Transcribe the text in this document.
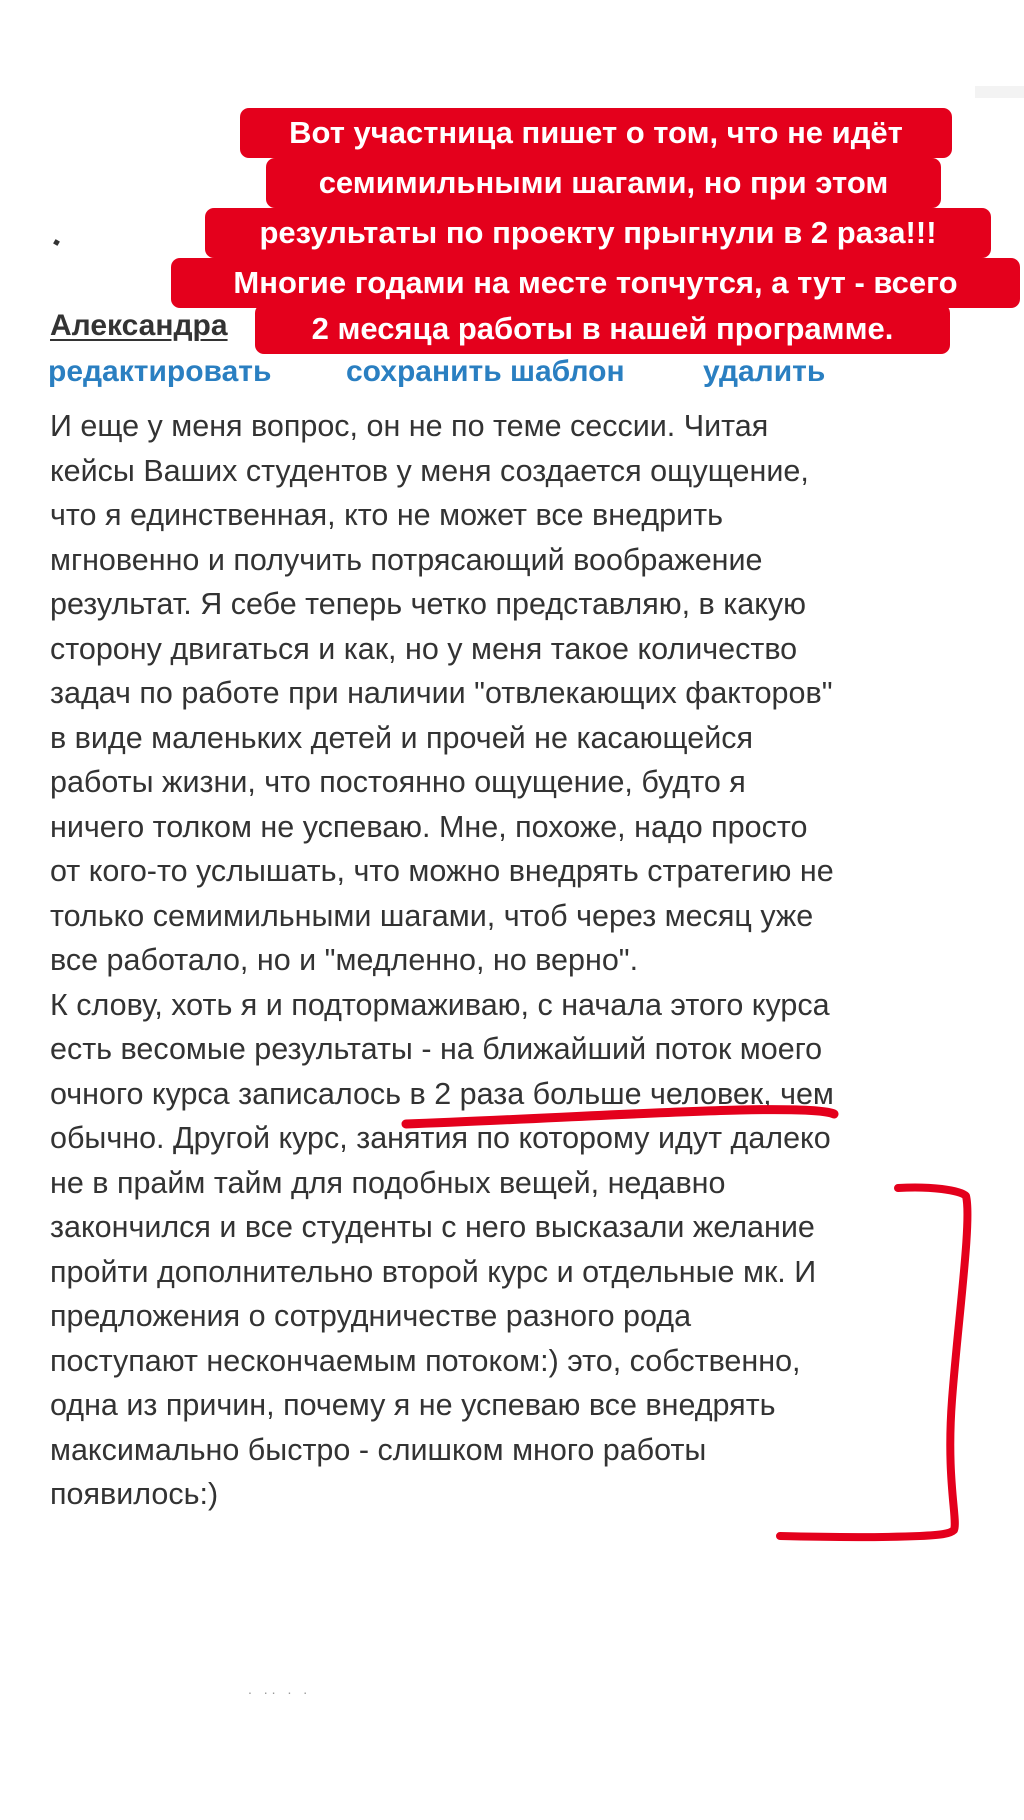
Александра
редактировать сохранить шаблон	удалить
И еще у меня вопрос, он не по теме сессии. Читая
кейсы Ваших студентов у меня создается ощущение,
что я единственная, кто не может все внедрить
мгновенно и получить потрясающий воображение
результат. Я себе теперь четко представляю, в какую
сторону двигаться и как, но у меня такое количество
задач по работе при наличии "отвлекающих факторов"
в виде маленьких детей и прочей не касающейся
работы жизни, что постоянно ощущение, будто я
ничего толком не успеваю. Мне, похоже, надо просто
от кого-то услышать, что можно внедрять стратегию не
только семимильными шагами, чтоб через месяц уже
все работало, но и "медленно, но верно".
К слову, хоть я и подтормаживаю, с начала этого курса
есть весомые результаты - на ближайший поток моего
очного курса записалось в 2 раза больше человек, чем
обычно. Другой курс, занятия по которому идут далеко
не в прайм тайм для подобных вещей, недавно
закончился и все студенты с него высказали желание
пройти дополнительно второй курс и отдельные мк. И
предложения о сотрудничестве разного рода
поступают нескончаемым потоком:) это, собственно,
одна из причин, почему я не успеваю все внедрять
максимально быстро - слишком много работы
появилось:)
Вот участница пишет о том, что не идёт
семимильными шагами, но при этом
результаты по проекту прыгнули в 2 раза!!!
Многие годами на месте топчутся, а тут - всего
2 месяца работы в нашей программе.
. .. . .
